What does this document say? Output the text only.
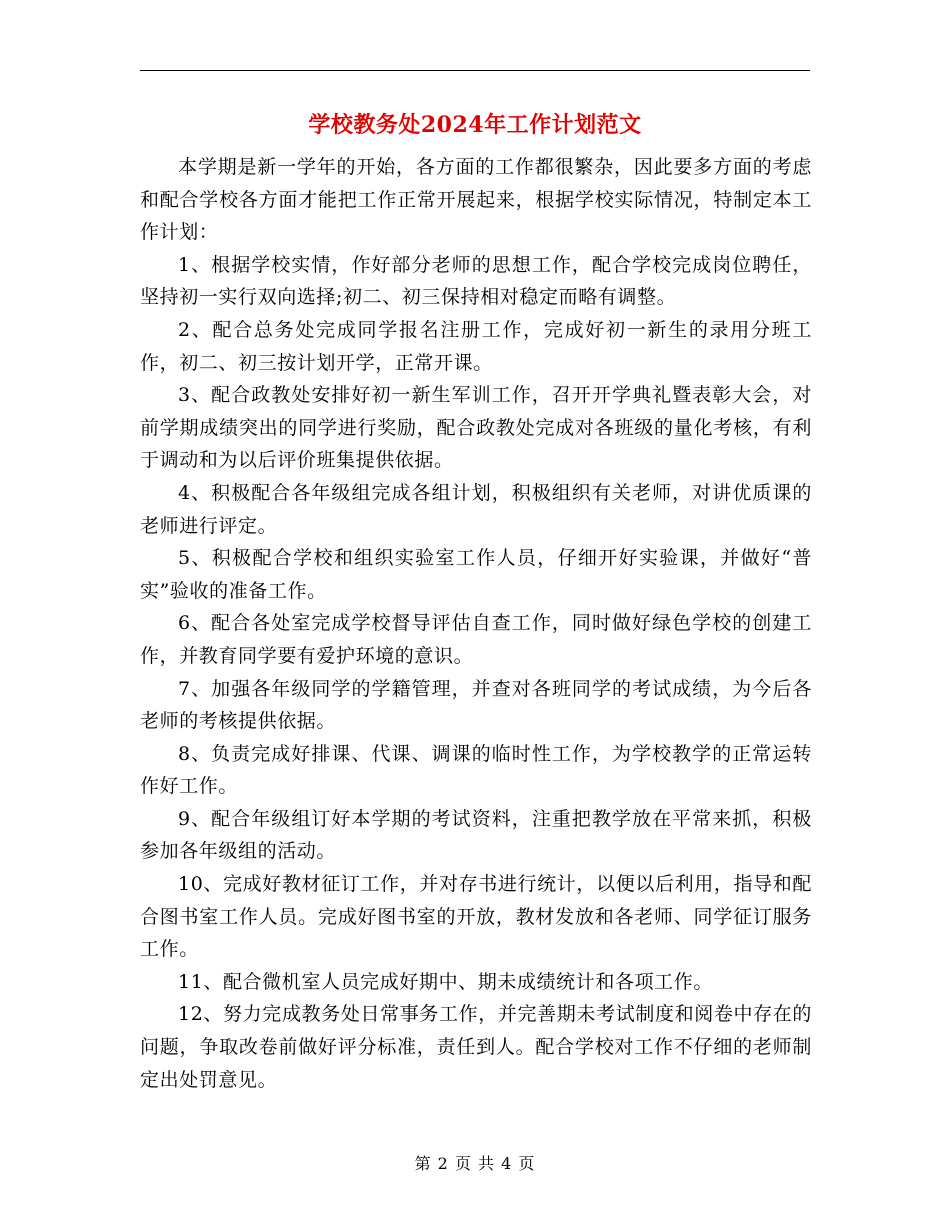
学校教务处2024年工作计划范文

本学期是新一学年的开始，各方面的工作都很繁杂，因此要多方面的考虑和配合学校各方面才能把工作正常开展起来，根据学校实际情况，特制定本工作计划：

1、根据学校实情，作好部分老师的思想工作，配合学校完成岗位聘任，坚持初一实行双向选择;初二、初三保持相对稳定而略有调整。

2、配合总务处完成同学报名注册工作，完成好初一新生的录用分班工作，初二、初三按计划开学，正常开课。

3、配合政教处安排好初一新生军训工作，召开开学典礼暨表彰大会，对前学期成绩突出的同学进行奖励，配合政教处完成对各班级的量化考核，有利于调动和为以后评价班集提供依据。

4、积极配合各年级组完成各组计划，积极组织有关老师，对讲优质课的老师进行评定。

5、积极配合学校和组织实验室工作人员，仔细开好实验课，并做好“普实”验收的准备工作。

6、配合各处室完成学校督导评估自查工作，同时做好绿色学校的创建工作，并教育同学要有爱护环境的意识。

7、加强各年级同学的学籍管理，并查对各班同学的考试成绩，为今后各老师的考核提供依据。

8、负责完成好排课、代课、调课的临时性工作，为学校教学的正常运转作好工作。

9、配合年级组订好本学期的考试资料，注重把教学放在平常来抓，积极参加各年级组的活动。

10、完成好教材征订工作，并对存书进行统计，以便以后利用，指导和配合图书室工作人员。完成好图书室的开放，教材发放和各老师、同学征订服务工作。

11、配合微机室人员完成好期中、期未成绩统计和各项工作。

12、努力完成教务处日常事务工作，并完善期未考试制度和阅卷中存在的问题，争取改卷前做好评分标准，责任到人。配合学校对工作不仔细的老师制定出处罚意见。

第 2 页 共 4 页
